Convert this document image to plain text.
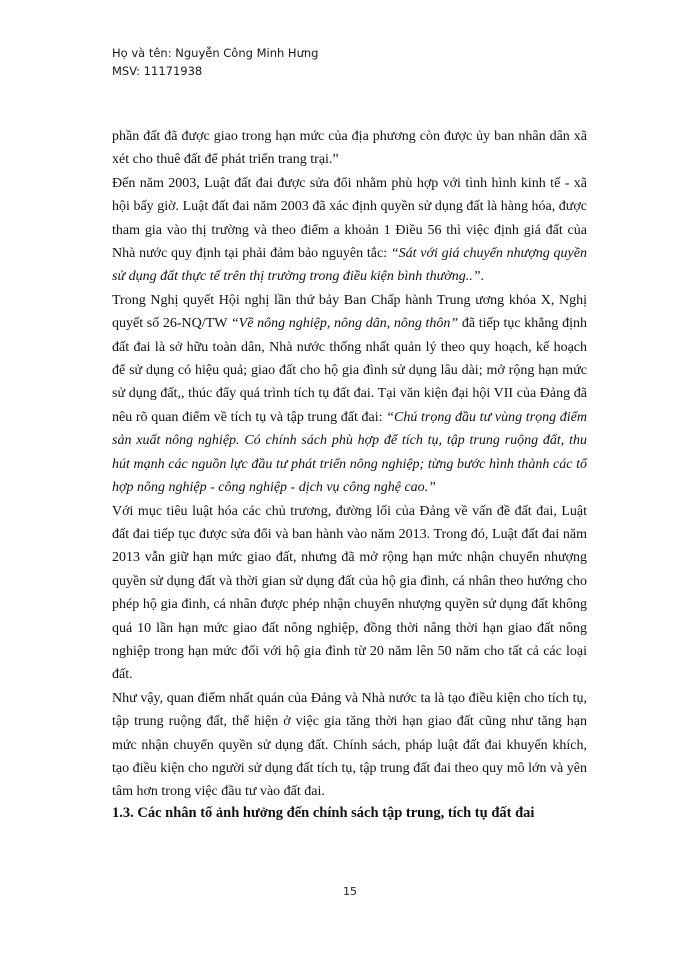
Họ và tên: Nguyễn Công Minh Hưng
MSV: 11171938

phần đất đã được giao trong hạn mức của địa phương còn được ủy ban nhân dân xã xét cho thuê đất để phát triển trang trại.”

Đến năm 2003, Luật đất đai được sửa đổi nhằm phù hợp với tình hình kinh tế - xã hội bấy giờ. Luật đất đai năm 2003 đã xác định quyền sử dụng đất là hàng hóa, được tham gia vào thị trường và theo điểm a khoản 1 Điều 56 thì việc định giá đất của Nhà nước quy định tại phải đảm bảo nguyên tắc: “Sát với giá chuyển nhượng quyền sử dụng đất thực tế trên thị trường trong điều kiện bình thường..”.

Trong Nghị quyết Hội nghị lần thứ bảy Ban Chấp hành Trung ương khóa X, Nghị quyết số 26-NQ/TW “Về nông nghiệp, nông dân, nông thôn” đã tiếp tục khẳng định đất đai là sở hữu toàn dân, Nhà nước thống nhất quản lý theo quy hoạch, kế hoạch để sử dụng có hiệu quả; giao đất cho hộ gia đình sử dụng lâu dài; mở rộng hạn mức sử dụng đất,, thúc đẩy quá trình tích tụ đất đai. Tại văn kiện đại hội VII của Đảng đã nêu rõ quan điểm về tích tụ và tập trung đất đai: “Chú trọng đầu tư vùng trọng điểm sản xuất nông nghiệp. Có chính sách phù hợp để tích tụ, tập trung ruộng đất, thu hút mạnh các nguồn lực đầu tư phát triển nông nghiệp; từng bước hình thành các tổ hợp nông nghiệp - công nghiệp - dịch vụ công nghệ cao.”

Với mục tiêu luật hóa các chủ trương, đường lối của Đảng về vấn đề đất đai, Luật đất đai tiếp tục được sửa đổi và ban hành vào năm 2013. Trong đó, Luật đất đai năm 2013 vẫn giữ hạn mức giao đất, nhưng đã mở rộng hạn mức nhận chuyển nhượng quyền sử dụng đất và thời gian sử dụng đất của hộ gia đình, cá nhân theo hướng cho phép hộ gia đình, cá nhân được phép nhận chuyển nhượng quyền sử dụng đất không quá 10 lần hạn mức giao đất nông nghiệp, đồng thời nâng thời hạn giao đất nông nghiệp trong hạn mức đối với hộ gia đình từ 20 năm lên 50 năm cho tất cả các loại đất.

Như vậy, quan điểm nhất quán của Đảng và Nhà nước ta là tạo điều kiện cho tích tụ, tập trung ruộng đất, thể hiện ở việc gia tăng thời hạn giao đất cũng như tăng hạn mức nhận chuyển quyền sử dụng đất. Chính sách, pháp luật đất đai khuyến khích, tạo điều kiện cho người sử dụng đất tích tụ, tập trung đất đai theo quy mô lớn và yên tâm hơn trong việc đầu tư vào đất đai.

1.3. Các nhân tố ảnh hưởng đến chính sách tập trung, tích tụ đất đai
15
